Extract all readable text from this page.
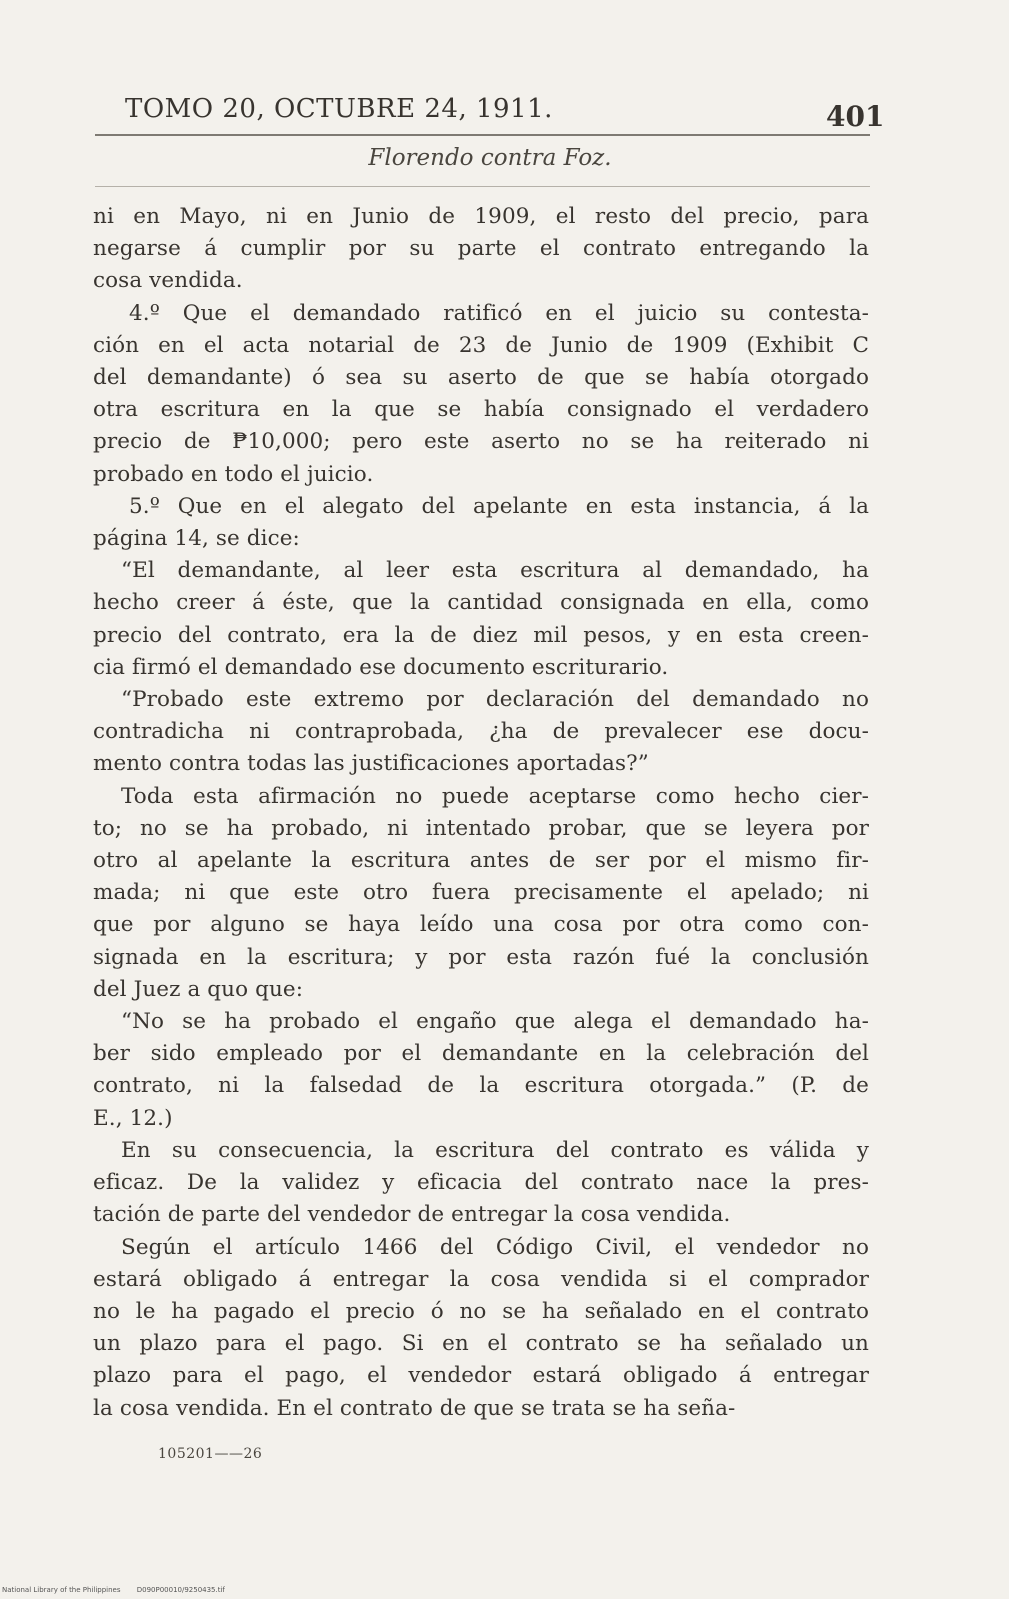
TOMO 20, OCTUBRE 24, 1911.	401
Florendo contra Foz.

ni en Mayo, ni en Junio de 1909, el resto del precio, para
negarse á cumplir por su parte el contrato entregando la
cosa vendida.

4.º Que el demandado ratificó en el juicio su contesta-
ción en el acta notarial de 23 de Junio de 1909 (Exhibit C
del demandante) ó sea su aserto de que se había otorgado
otra escritura en la que se había consignado el verdadero
precio de ₱10,000; pero este aserto no se ha reiterado ni
probado en todo el juicio.

5.º Que en el alegato del apelante en esta instancia, á la
página 14, se dice:

“El demandante, al leer esta escritura al demandado, ha
hecho creer á éste, que la cantidad consignada en ella, como
precio del contrato, era la de diez mil pesos, y en esta creen-
cia firmó el demandado ese documento escriturario.

“Probado este extremo por declaración del demandado no
contradicha ni contraprobada, ¿ha de prevalecer ese docu-
mento contra todas las justificaciones aportadas?”

Toda esta afirmación no puede aceptarse como hecho cier-
to; no se ha probado, ni intentado probar, que se leyera por
otro al apelante la escritura antes de ser por el mismo fir-
mada; ni que este otro fuera precisamente el apelado; ni
que por alguno se haya leído una cosa por otra como con-
signada en la escritura; y por esta razón fué la conclusión
del Juez a quo que:

“No se ha probado el engaño que alega el demandado ha-
ber sido empleado por el demandante en la celebración del
contrato, ni la falsedad de la escritura otorgada.” (P. de
E., 12.)

En su consecuencia, la escritura del contrato es válida y
eficaz. De la validez y eficacia del contrato nace la pres-
tación de parte del vendedor de entregar la cosa vendida.

Según el artículo 1466 del Código Civil, el vendedor no
estará obligado á entregar la cosa vendida si el comprador
no le ha pagado el precio ó no se ha señalado en el contrato
un plazo para el pago. Si en el contrato se ha señalado un
plazo para el pago, el vendedor estará obligado á entregar
la cosa vendida. En el contrato de que se trata se ha seña-

105201——26
National Library of the Philippines D090P00010/9250435.tif
